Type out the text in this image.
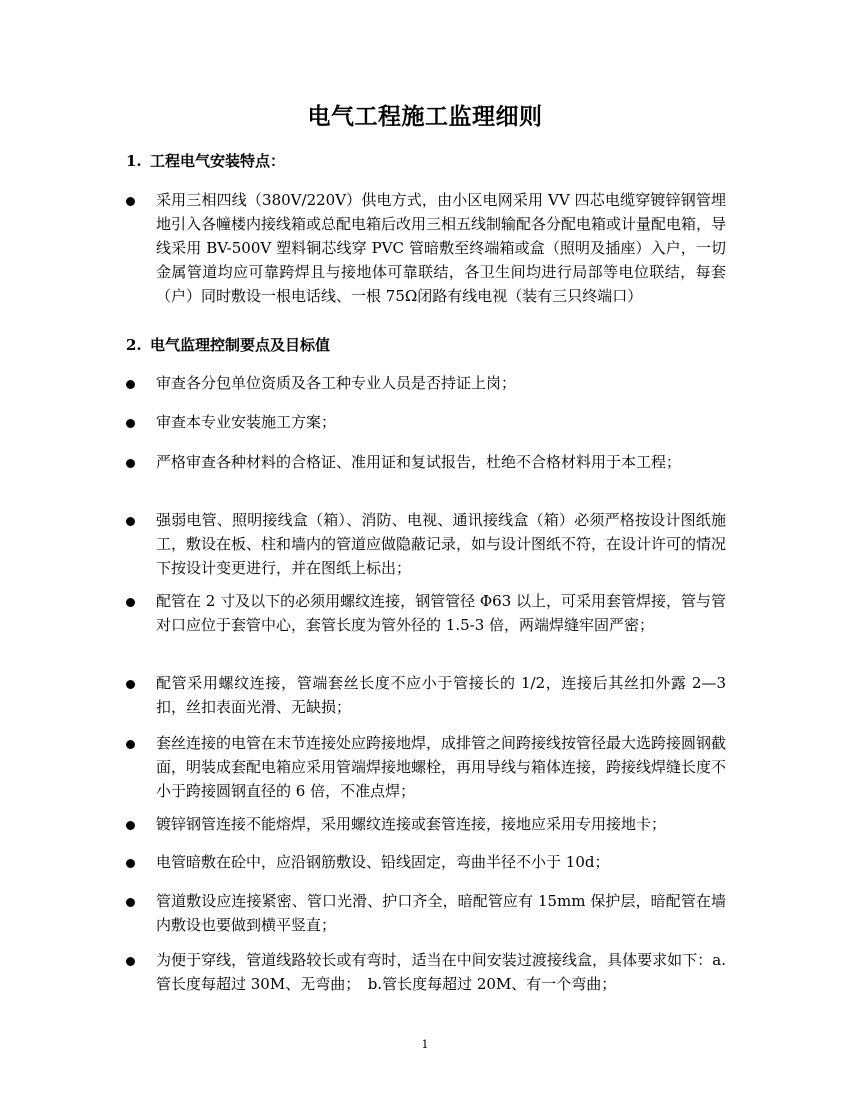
电气工程施工监理细则
1. 工程电气安装特点：
采用三相四线（380V/220V）供电方式，由小区电网采用 VV 四芯电缆穿镀锌钢管埋地引入各幢楼内接线箱或总配电箱后改用三相五线制输配各分配电箱或计量配电箱，导线采用 BV-500V 塑料铜芯线穿 PVC 管暗敷至终端箱或盒（照明及插座）入户，一切金属管道均应可靠跨焊且与接地体可靠联结，各卫生间均进行局部等电位联结，每套（户）同时敷设一根电话线、一根 75Ω闭路有线电视（装有三只终端口）
2. 电气监理控制要点及目标值
审查各分包单位资质及各工种专业人员是否持证上岗；
审查本专业安装施工方案；
严格审查各种材料的合格证、准用证和复试报告，杜绝不合格材料用于本工程；
强弱电管、照明接线盒（箱）、消防、电视、通讯接线盒（箱）必须严格按设计图纸施工，敷设在板、柱和墙内的管道应做隐蔽记录，如与设计图纸不符，在设计许可的情况下按设计变更进行，并在图纸上标出；
配管在 2 寸及以下的必须用螺纹连接，钢管管径 Φ63 以上，可采用套管焊接，管与管对口应位于套管中心，套管长度为管外径的 1.5-3 倍，两端焊缝牢固严密；
配管采用螺纹连接，管端套丝长度不应小于管接长的 1/2，连接后其丝扣外露 2—3 扣，丝扣表面光滑、无缺损；
套丝连接的电管在末节连接处应跨接地焊，成排管之间跨接线按管径最大选跨接圆钢截面，明装成套配电箱应采用管端焊接地螺栓，再用导线与箱体连接，跨接线焊缝长度不小于跨接圆钢直径的 6 倍，不准点焊；
镀锌钢管连接不能熔焊，采用螺纹连接或套管连接，接地应采用专用接地卡；
电管暗敷在砼中，应沿钢筋敷设、铅线固定，弯曲半径不小于 10d；
管道敷设应连接紧密、管口光滑、护口齐全，暗配管应有 15mm 保护层，暗配管在墙内敷设也要做到横平竖直；
为便于穿线，管道线路较长或有弯时，适当在中间安装过渡接线盒，具体要求如下：a.管长度每超过 30M、无弯曲；　b.管长度每超过 20M、有一个弯曲；
1
